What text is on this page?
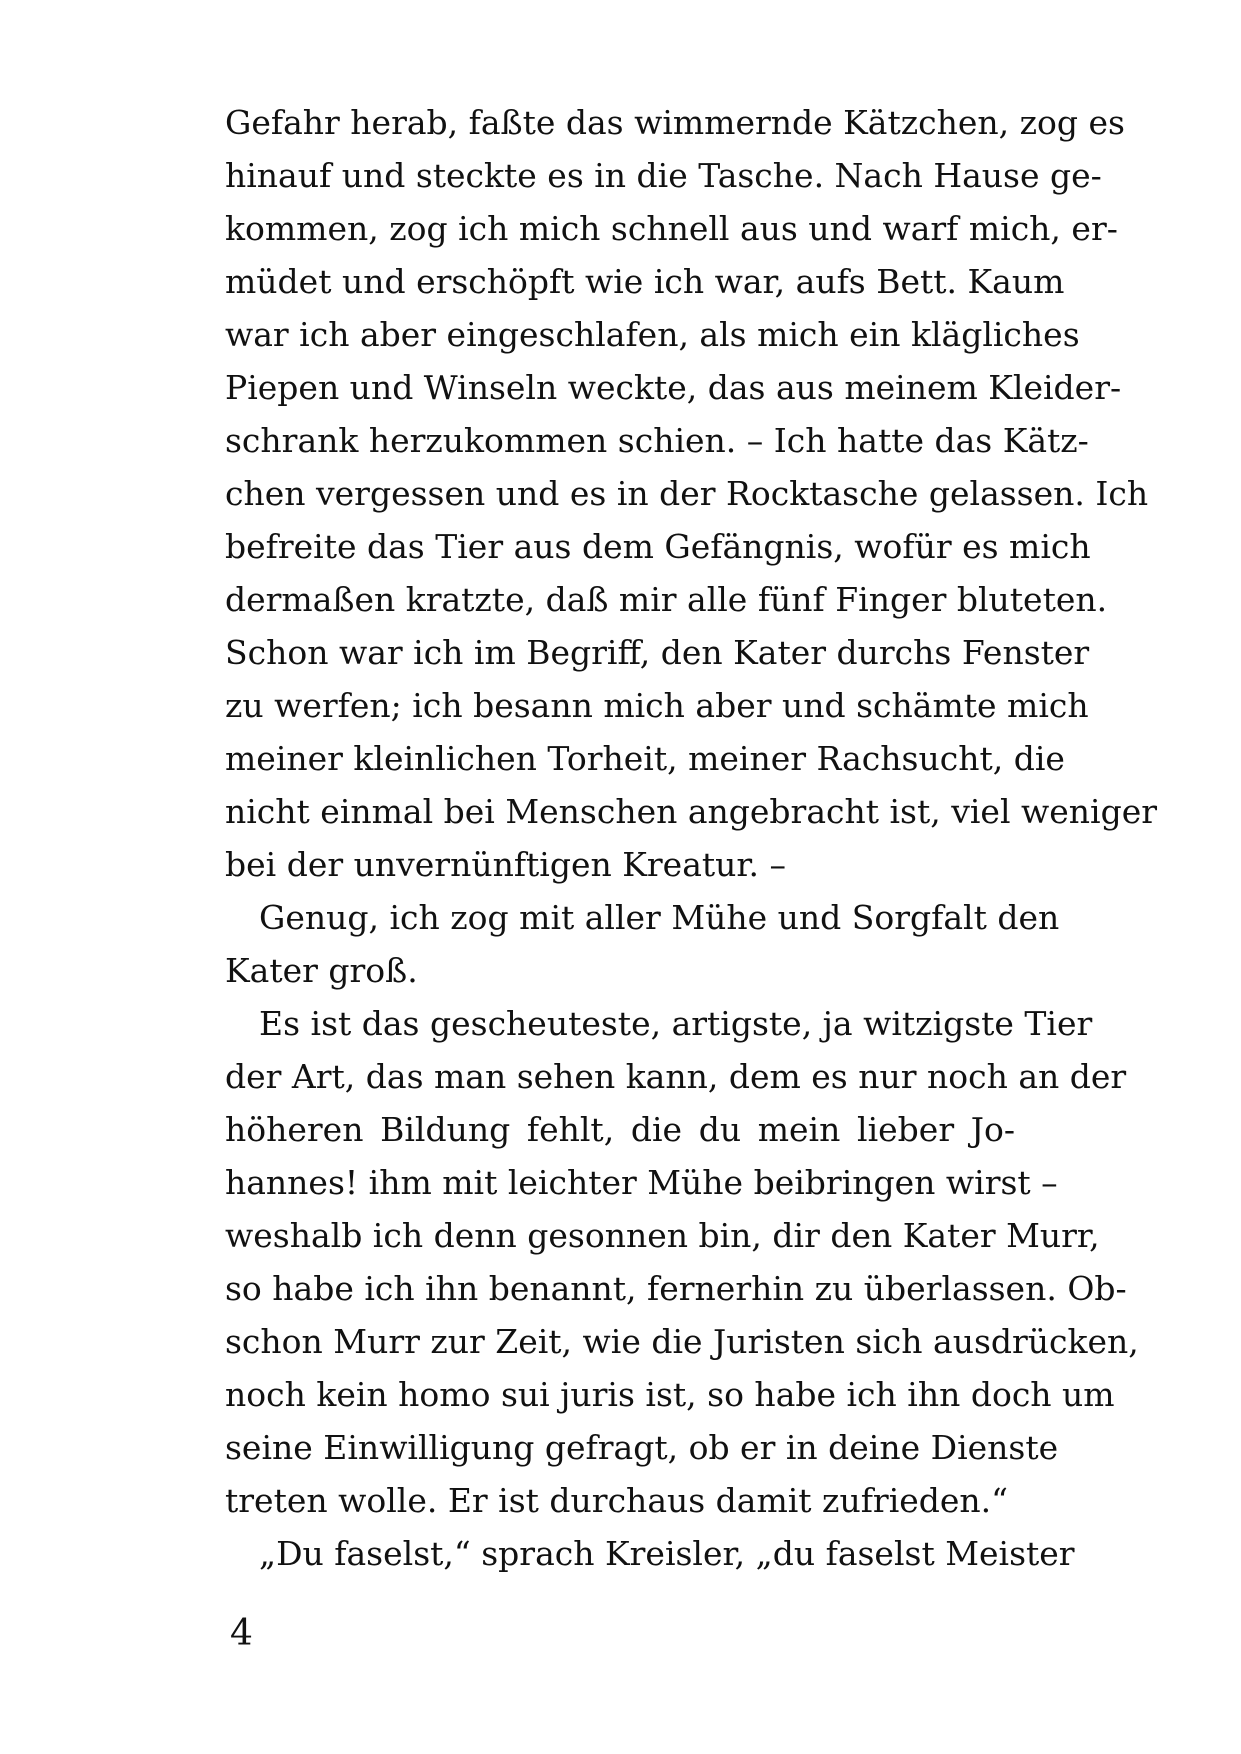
Gefahr herab, faßte das wimmernde Kätzchen, zog es
hinauf und steckte es in die Tasche. Nach Hause ge-
kommen, zog ich mich schnell aus und warf mich, er-
müdet und erschöpft wie ich war, aufs Bett. Kaum
war ich aber eingeschlafen, als mich ein klägliches
Piepen und Winseln weckte, das aus meinem Kleider-
schrank herzukommen schien. – Ich hatte das Kätz-
chen vergessen und es in der Rocktasche gelassen. Ich
befreite das Tier aus dem Gefängnis, wofür es mich
dermaßen kratzte, daß mir alle fünf Finger bluteten.
Schon war ich im Begriff, den Kater durchs Fenster
zu werfen; ich besann mich aber und schämte mich
meiner kleinlichen Torheit, meiner Rachsucht, die
nicht einmal bei Menschen angebracht ist, viel weniger
bei der unvernünftigen Kreatur. –
Genug, ich zog mit aller Mühe und Sorgfalt den
Kater groß.
Es ist das gescheuteste, artigste, ja witzigste Tier
der Art, das man sehen kann, dem es nur noch an der
höheren Bildung fehlt, die du mein lieber Jo-
hannes! ihm mit leichter Mühe beibringen wirst –
weshalb ich denn gesonnen bin, dir den Kater Murr,
so habe ich ihn benannt, fernerhin zu überlassen. Ob-
schon Murr zur Zeit, wie die Juristen sich ausdrücken,
noch kein homo sui juris ist, so habe ich ihn doch um
seine Einwilligung gefragt, ob er in deine Dienste
treten wolle. Er ist durchaus damit zufrieden.“
„Du faselst,“ sprach Kreisler, „du faselst Meister
4
